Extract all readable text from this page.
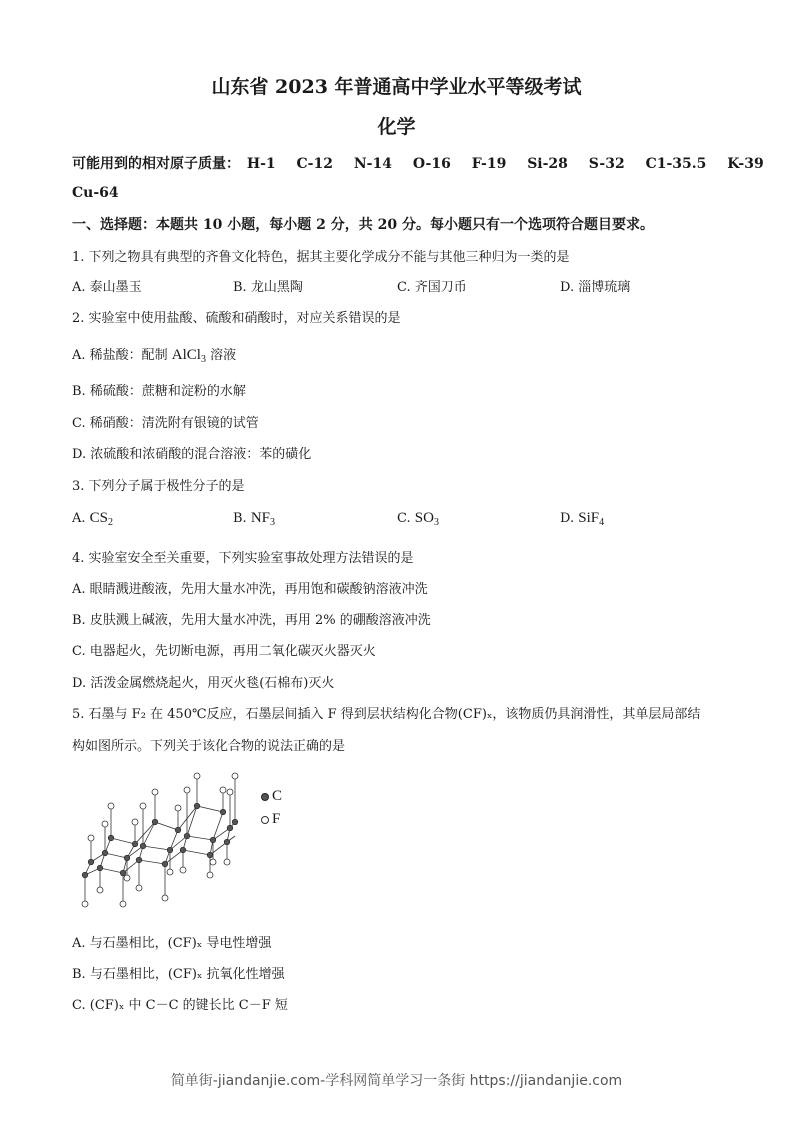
山东省 2023 年普通高中学业水平等级考试
化学
可能用到的相对原子质量： H-1 C-12 N-14 O-16 F-19 Si-28 S-32 C1-35.5 K-39
Cu-64
一、选择题：本题共 10 小题，每小题 2 分，共 20 分。每小题只有一个选项符合题目要求。
1. 下列之物具有典型的齐鲁文化特色，据其主要化学成分不能与其他三种归为一类的是
A. 泰山墨玉	B. 龙山黑陶	C. 齐国刀币	D. 淄博琉璃
2. 实验室中使用盐酸、硫酸和硝酸时，对应关系错误的是
A. 稀盐酸：配制 AlCl$_3$ 溶液
B. 稀硫酸：蔗糖和淀粉的水解
C. 稀硝酸：清洗附有银镜的试管
D. 浓硫酸和浓硝酸的混合溶液：苯的磺化
3. 下列分子属于极性分子的是
A. $CS_2$	B. $NF_3$	C. $SO_3$	D. SiF$_4$
4. 实验室安全至关重要，下列实验室事故处理方法错误的是
A. 眼睛溅进酸液，先用大量水冲洗，再用饱和碳酸钠溶液冲洗
B. 皮肤溅上碱液，先用大量水冲洗，再用 2% 的硼酸溶液冲洗
C. 电器起火，先切断电源，再用二氧化碳灭火器灭火
D. 活泼金属燃烧起火，用灭火毯(石棉布)灭火
5. 石墨与 F₂ 在 450℃反应，石墨层间插入 F 得到层状结构化合物(CF)ₓ，该物质仍具润滑性，其单层局部结
构如图所示。下列关于该化合物的说法正确的是
C
F
A. 与石墨相比，(CF)ₓ 导电性增强
B. 与石墨相比，(CF)ₓ 抗氧化性增强
C. (CF)ₓ 中 C－C 的键长比 C－F 短
简单街-jiandanjie.com-学科网简单学习一条街 https://jiandanjie.com
